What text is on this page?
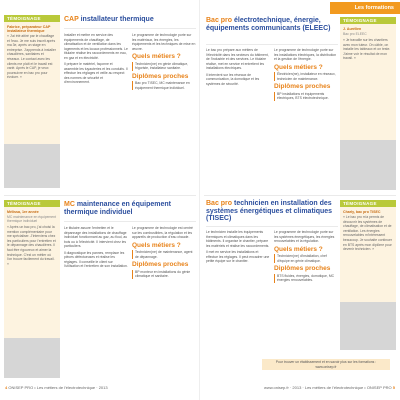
TÉMOIGNAGE
Fabrice, préparateur CAP installateur thermique
« J'ai été attiré par le chauffage et l'eau. Je me suis inscrit après ma 3e, après un stage en entreprise. J'apprends à installer chaudières, sanitaires et réseaux. Le contact avec les clients me plaît et le travail est varié. Après le CAP, je veux poursuivre en bac pro pour évoluer. »
CAP installateur thermique

Installer et mettre en service des équipements de chauffage, de climatisation et de ventilation dans les logements et les locaux professionnels. Le titulaire réalise les raccordements en eau, en gaz et en électricité.

Il prépare le matériel, façonne et assemble les tuyauteries et les conduits. Il effectue les réglages et veille au respect des normes de sécurité et d'environnement.

Le programme de technologie porte sur les matériaux, les énergies, les équipements et les techniques de mise en œuvre.

Quels métiers ?
Technicien(ne) en génie climatique, frigoriste, installateur sanitaire.
Diplômes proches
Bac pro TISEC, MC maintenance en équipement thermique individuel.
TÉMOIGNAGE
Mélissa, 1re année
MC maintenance en équipement thermique individuel
« Après un bac pro, j'ai choisi la mention complémentaire pour me spécialiser. J'interviens chez les particuliers pour l'entretien et le dépannage des chaudières. Il faut être rigoureux et aimer la technique. C'est un métier où l'on trouve facilement du travail. »
MC maintenance en équipement thermique individuel

Le titulaire assure l'entretien et le dépannage des installations de chauffage individuel fonctionnant au gaz, au fioul, au bois ou à l'électricité. Il intervient chez les particuliers.

Il diagnostique les pannes, remplace les pièces défectueuses et réalise les réglages. Il conseille le client sur l'utilisation et l'entretien de son installation.

Le programme de technologie est centré sur les combustibles, la régulation et les appareils de production d'eau chaude.

Quels métiers ?
Technicien(ne) de maintenance, agent de dépannage.
Diplômes proches
BP monteur en installations du génie climatique et sanitaire.
4 ONISEP PRO • Les métiers de l'électrotechnique · 2013
Les formations
Bac pro électrotechnique, énergie, équipements communicants (ELEEC)

Le bac pro prépare aux métiers de l'électricité dans les secteurs du bâtiment, de l'industrie et des services. Le titulaire réalise, met en service et entretient les installations électriques.

Il intervient sur les réseaux de communication, la domotique et les systèmes de sécurité.

Le programme de technologie porte sur les installations électriques, la distribution et la gestion de l'énergie.

Quels métiers ?
Électricien(ne), installateur en réseaux, technicien de maintenance.
Diplômes proches
BP installations et équipements électriques, BTS électrotechnique.
TÉMOIGNAGE
J. Aurélien
Bac pro ELEEC
« Je travaille sur les chantiers avec mon tuteur. On câble, on installe les tableaux et on teste. J'aime voir le résultat de mon travail. »
Bac pro technicien en installation des systèmes énergétiques et climatiques (TISEC)

Le technicien installe les équipements thermiques et climatiques dans les bâtiments. Il organise le chantier, prépare les matériels et réalise les raccordements.

Il met en service les installations et effectue les réglages. Il peut encadrer une petite équipe sur le chantier.

Le programme de technologie porte sur les systèmes énergétiques, les énergies renouvelables et la régulation.

Quels métiers ?
Technicien(ne) d'installation, chef d'équipe en génie climatique.
Diplômes proches
BTS fluides, énergies, domotique, MC énergies renouvelables.
TÉMOIGNAGE
Charly, bac pro TISEC
« Le bac pro m'a permis de découvrir les systèmes de chauffage, de climatisation et de ventilation. Les énergies renouvelables m'intéressent beaucoup. Je souhaite continuer en BTS après mon diplôme pour devenir technicien. »
www.onisep.fr · 2013 · Les métiers de l'électrotechnique • ONISEP PRO 5
Pour trouver un établissement et en savoir plus sur les formations : www.onisep.fr
